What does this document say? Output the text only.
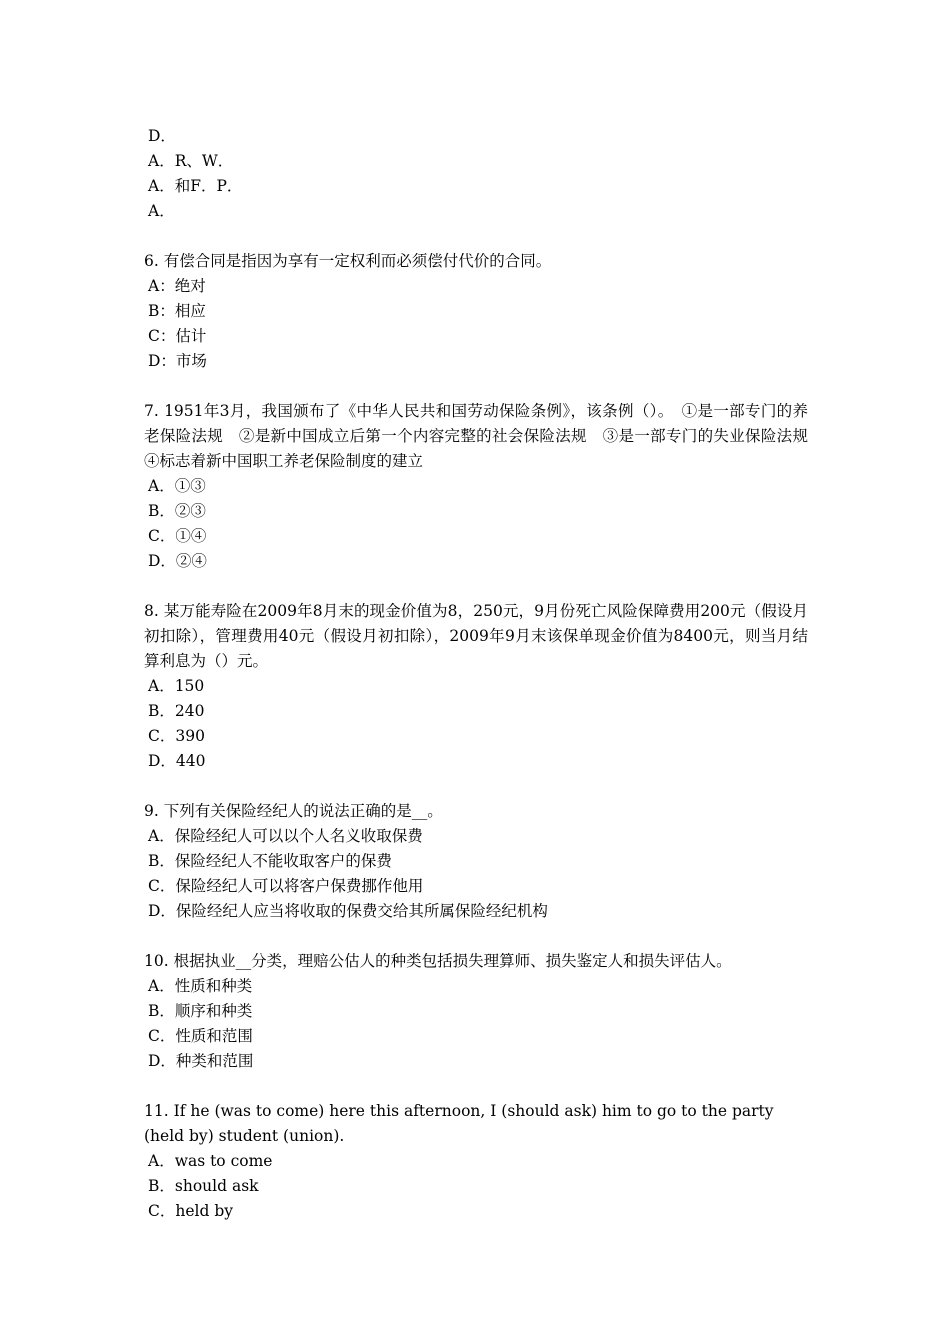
D．

A．R、W．

A．和F．P．

A．

6. 有偿合同是指因为享有一定权利而必须偿付代价的合同。

A：绝对

B：相应

C：估计

D：市场

7. 1951年3月，我国颁布了《中华人民共和国劳动保险条例》，该条例（）。　①是一部专门的养老保险法规　②是新中国成立后第一个内容完整的社会保险法规　③是一部专门的失业保险法规　④标志着新中国职工养老保险制度的建立

A．①③

B．②③

C．①④

D．②④

8. 某万能寿险在2009年8月末的现金价值为8，250元，9月份死亡风险保障费用200元（假设月初扣除），管理费用40元（假设月初扣除），2009年9月末该保单现金价值为8400元，则当月结算利息为（）元。

A．150

B．240

C．390

D．440

9. 下列有关保险经纪人的说法正确的是__。

A．保险经纪人可以以个人名义收取保费

B．保险经纪人不能收取客户的保费

C．保险经纪人可以将客户保费挪作他用

D．保险经纪人应当将收取的保费交给其所属保险经纪机构

10. 根据执业__分类，理赔公估人的种类包括损失理算师、损失鉴定人和损失评估人。

A．性质和种类

B．顺序和种类

C．性质和范围

D．种类和范围

11. If he (was to come) here this afternoon, I (should ask) him to go to the party (held by) student (union).

A．was to come

B．should ask

C．held by
